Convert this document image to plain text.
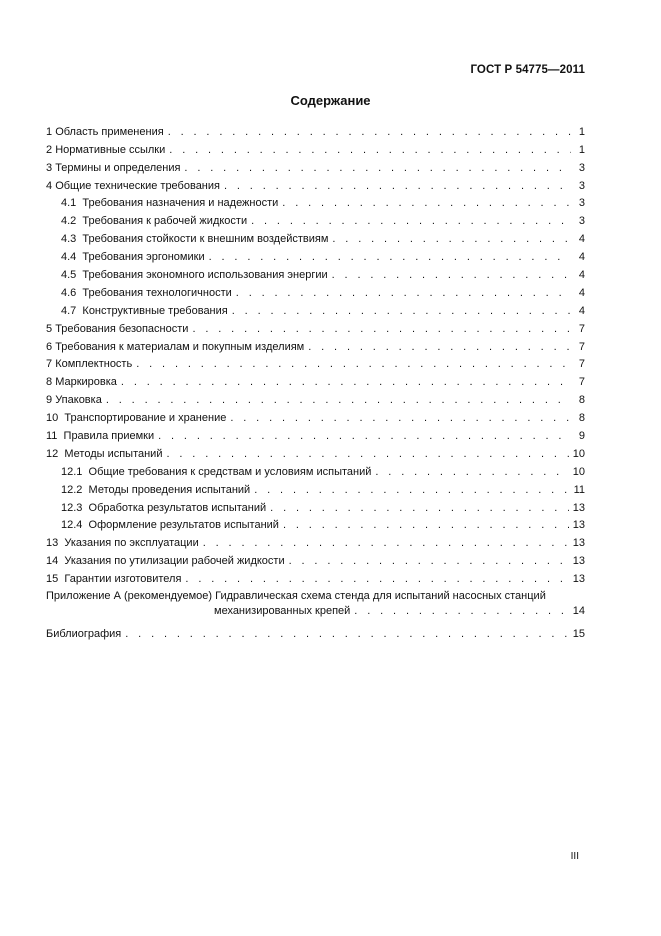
ГОСТ Р 54775—2011
Содержание
1 Область применения . . .	1
2 Нормативные ссылки . . .	1
3 Термины и определения . . .	3
4 Общие технические требования . . .	3
4.1 Требования назначения и надежности . . .	3
4.2 Требования к рабочей жидкости . . .	3
4.3 Требования стойкости к внешним воздействиям . . .	4
4.4 Требования эргономики . . .	4
4.5 Требования экономного использования энергии . . .	4
4.6 Требования технологичности . . .	4
4.7 Конструктивные требования . . .	4
5 Требования безопасности . . .	7
6 Требования к материалам и покупным изделиям . . .	7
7 Комплектность . . .	7
8 Маркировка . . .	7
9 Упаковка . . .	8
10 Транспортирование и хранение . . .	8
11 Правила приемки . . .	9
12 Методы испытаний . . .	10
12.1 Общие требования к средствам и условиям испытаний . . .	10
12.2 Методы проведения испытаний . . .	11
12.3 Обработка результатов испытаний . . .	13
12.4 Оформление результатов испытаний . . .	13
13 Указания по эксплуатации . . .	13
14 Указания по утилизации рабочей жидкости . . .	13
15 Гарантии изготовителя . . .	13
Приложение А (рекомендуемое) Гидравлическая схема стенда для испытаний насосных станций
механизированных крепей . . .	14
Библиография . . .	15
III
